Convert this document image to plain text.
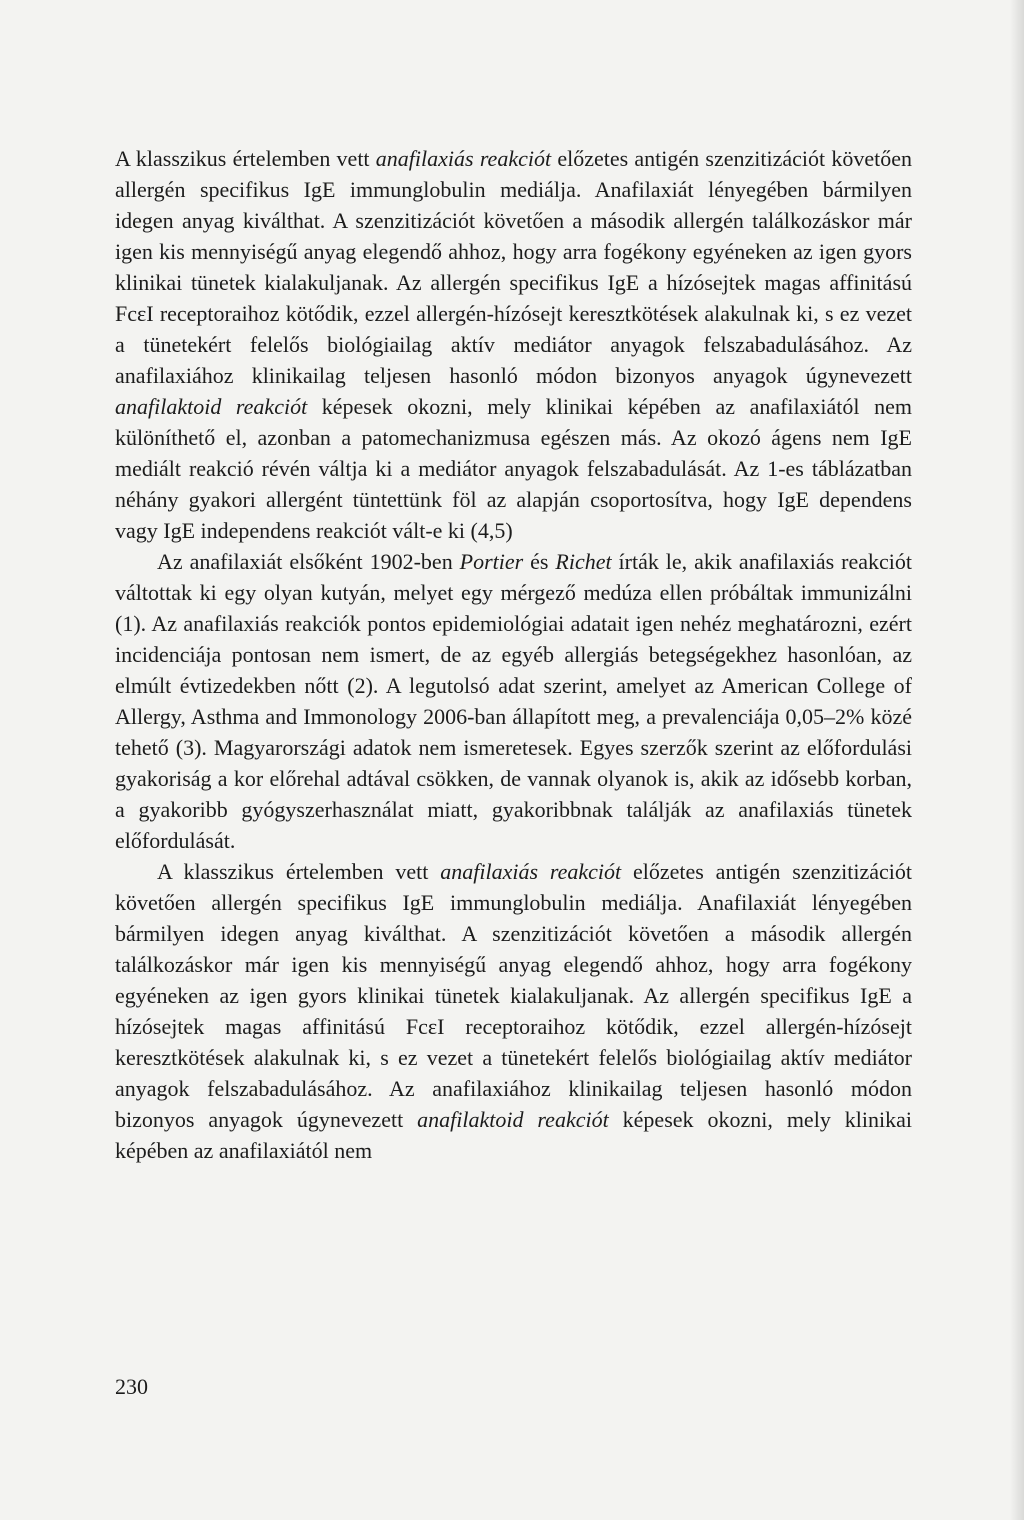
A klasszikus értelemben vett anafilaxiás reakciót előzetes antigén szenzitizációt követően allergén specifikus IgE immunglobulin mediálja. Anafilaxiát lényegében bármilyen idegen anyag kiválthat. A szenzitizációt követően a második allergén találkozáskor már igen kis mennyiségű anyag elegendő ahhoz, hogy arra fogékony egyéneken az igen gyors klinikai tünetek kialakuljanak. Az allergén specifikus IgE a hízósejtek magas affinitású FcεI receptoraihoz kötődik, ezzel allergén-hízósejt keresztkötések alakulnak ki, s ez vezet a tünetekért felelős biológiailag aktív mediátor anyagok felszabadulásához. Az anafilaxiához klinikailag teljesen hasonló módon bizonyos anyagok úgynevezett anafilaktoid reakciót képesek okozni, mely klinikai képében az anafilaxiától nem különíthető el, azonban a patomechanizmusa egészen más. Az okozó ágens nem IgE mediált reakció révén váltja ki a mediátor anyagok felszabadulását. Az 1-es táblázatban néhány gyakori allergént tüntettünk föl az alapján csoportosítva, hogy IgE dependens vagy IgE independens reakciót vált-e ki (4,5)

Az anafilaxiát elsőként 1902-ben Portier és Richet írták le, akik anafilaxiás reakciót váltottak ki egy olyan kutyán, melyet egy mérgező medúza ellen próbáltak immunizálni (1). Az anafilaxiás reakciók pontos epidemiológiai adatait igen nehéz meghatározni, ezért incidenciája pontosan nem ismert, de az egyéb allergiás betegségekhez hasonlóan, az elmúlt évtizedekben nőtt (2). A legutolsó adat szerint, amelyet az American College of Allergy, Asthma and Immonology 2006-ban állapított meg, a prevalenciája 0,05–2% közé tehető (3). Magyarországi adatok nem ismeretesek. Egyes szerzők szerint az előfordulási gyakoriság a kor előrehal adtával csökken, de vannak olyanok is, akik az idősebb korban, a gyakoribb gyógyszerhasználat miatt, gyakoribbnak találják az anafilaxiás tünetek előfordulását.

A klasszikus értelemben vett anafilaxiás reakciót előzetes antigén szenzitizációt követően allergén specifikus IgE immunglobulin mediálja. Anafilaxiát lényegében bármilyen idegen anyag kiválthat. A szenzitizációt követően a második allergén találkozáskor már igen kis mennyiségű anyag elegendő ahhoz, hogy arra fogékony egyéneken az igen gyors klinikai tünetek kialakuljanak. Az allergén specifikus IgE a hízósejtek magas affinitású FcεI receptoraihoz kötődik, ezzel allergén-hízósejt keresztkötések alakulnak ki, s ez vezet a tünetekért felelős biológiailag aktív mediátor anyagok felszabadulásához. Az anafilaxiához klinikailag teljesen hasonló módon bizonyos anyagok úgynevezett anafilaktoid reakciót képesek okozni, mely klinikai képében az anafilaxiától nem

230
